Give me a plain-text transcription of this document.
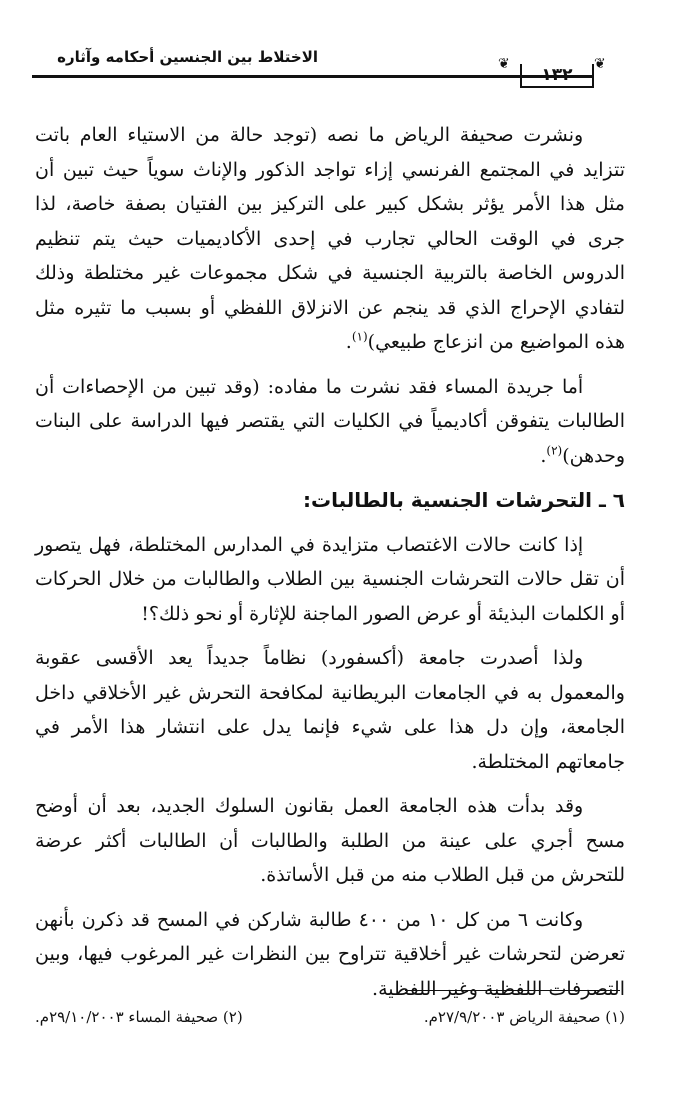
الاختلاط بين الجنسين أحكامه وآثاره	❦
١٣٢
❦

ونشرت صحيفة الرياض ما نصه (توجد حالة من الاستياء العام باتت تتزايد في المجتمع الفرنسي إزاء تواجد الذكور والإناث سوياً حيث تبين أن مثل هذا الأمر يؤثر بشكل كبير على التركيز بين الفتيان بصفة خاصة، لذا جرى في الوقت الحالي تجارب في إحدى الأكاديميات حيث يتم تنظيم الدروس الخاصة بالتربية الجنسية في شكل مجموعات غير مختلطة وذلك لتفادي الإحراج الذي قد ينجم عن الانزلاق اللفظي أو بسبب ما تثيره مثل هذه المواضيع من انزعاج طبيعي)$^{(١)}$.

أما جريدة المساء فقد نشرت ما مفاده: (وقد تبين من الإحصاءات أن الطالبات يتفوقن أكاديمياً في الكليات التي يقتصر فيها الدراسة على البنات وحدهن)$^{(٢)}$.

٦ ـ التحرشات الجنسية بالطالبات:

إذا كانت حالات الاغتصاب متزايدة في المدارس المختلطة، فهل يتصور أن تقل حالات التحرشات الجنسية بين الطلاب والطالبات من خلال الحركات أو الكلمات البذيئة أو عرض الصور الماجنة للإثارة أو نحو ذلك؟!

ولذا أصدرت جامعة (أكسفورد) نظاماً جديداً يعد الأقسى عقوبة والمعمول به في الجامعات البريطانية لمكافحة التحرش غير الأخلاقي داخل الجامعة، وإن دل هذا على شيء فإنما يدل على انتشار هذا الأمر في جامعاتهم المختلطة.

وقد بدأت هذه الجامعة العمل بقانون السلوك الجديد، بعد أن أوضح مسح أجري على عينة من الطلبة والطالبات أن الطالبات أكثر عرضة للتحرش من قبل الطلاب منه من قبل الأساتذة.

وكانت ٦ من كل ١٠ من ٤٠٠ طالبة شاركن في المسح قد ذكرن بأنهن تعرضن لتحرشات غير أخلاقية تتراوح بين النظرات غير المرغوب فيها، وبين التصرفات اللفظية وغير اللفظية.

(١) صحيفة الرياض ٢٧/٩/٢٠٠٣م.
(٢) صحيفة المساء ٢٩/١٠/٢٠٠٣م.
